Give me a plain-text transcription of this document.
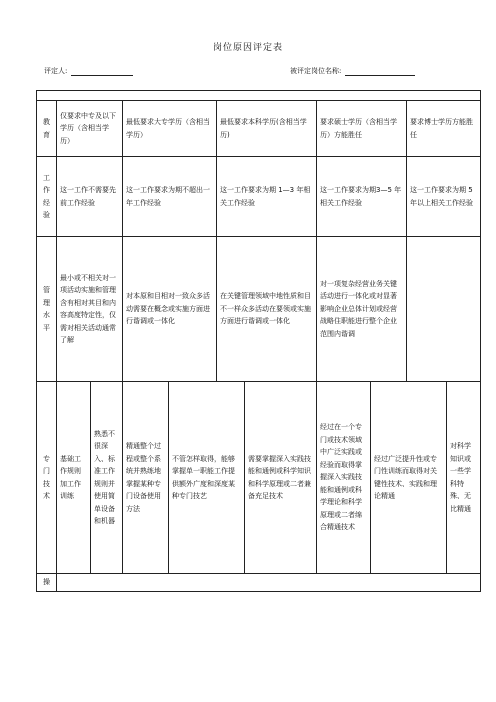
岗位原因评定表
评定人:	被评定岗位名称:

教育	仅要求中专及以下学历（含相当学历）		最低要求大专学历（含相当学历）		最低要求本科学历(含相当学历)		要求硕士学历（含相当学历）方能胜任		要求博士学历方能胜任	
工作经验	这一工作不需要先前工作经验		这一工作要求为期不超出一年工作经验		这一工作要求为期 1—3 年相关工作经验		这一工作要求为期3—5 年相关工作经验		这一工作要求为期 5 年以上相关工作经验	
管理水平	最小或不相关对一项活动实施和管理含有相对其目和内容高度特定性，仅需对相关活动通常了解		对本原和目相对一致众多活动需要在概念或实施方面进行谐调或一体化		在关键管理领域中地性质和目不一样众多活动在要领或实施方面进行谐调或一体化		对一项复杂经营业务关键活动进行一体化或对显著影响企业总体计划或经营战略住职能进行整个企业范围内谐调			
专门技术	基础工作规则加工作训练	熟悉不很深入、标准工作规则并使用简单设备和机器	精通整个过程或整个系统并熟练地掌握某种专门设备使用方法	不管怎样取得，能够掌握单一职能工作提供额外广度和深度某种专门技艺		需要掌握深入实践技能和通例或科学知识和科学原理或二者兼备充足技术	经过在一个专门或技术领域中广泛实践或经验而取得掌握深入实践技能和通例或科学理论和科学原理或二者绵合精通技术	经过广泛提升性或专门性训练而取得对关键性技术、实践和理论精通		对科学知识或一些学科特殊、无比精通
操										
